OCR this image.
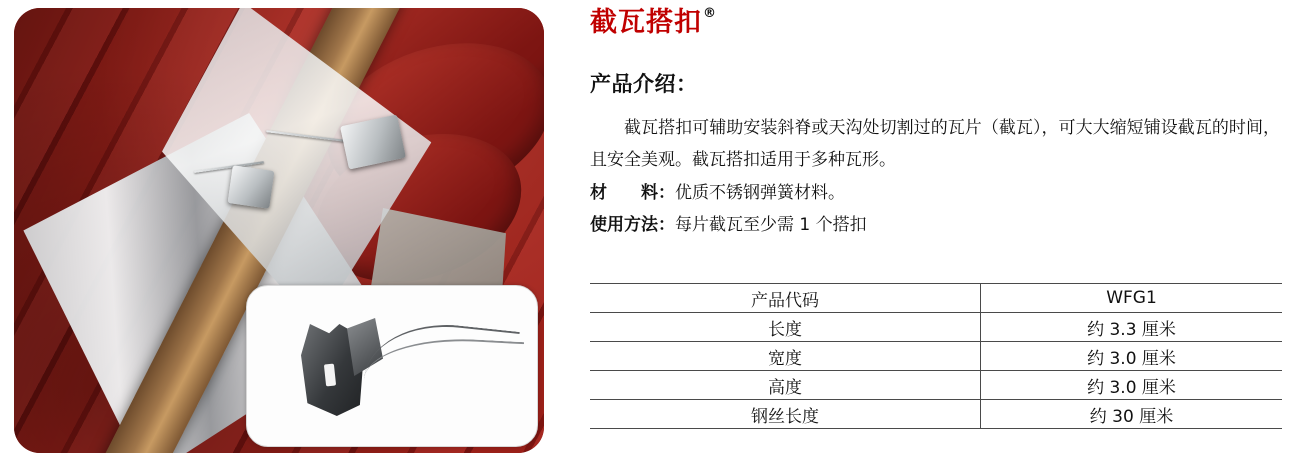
截瓦搭扣 ®
产品介绍：
截瓦搭扣可辅助安装斜脊或天沟处切割过的瓦片（截瓦），可大大缩短铺设截瓦的时间，且安全美观。截瓦搭扣适用于多种瓦形。
材　　料： 优质不锈钢弹簧材料。
使用方法： 每片截瓦至少需 1 个搭扣
产品代码	WFG1
长度	约 3.3 厘米
宽度	约 3.0 厘米
高度	约 3.0 厘米
钢丝长度	约 30 厘米
